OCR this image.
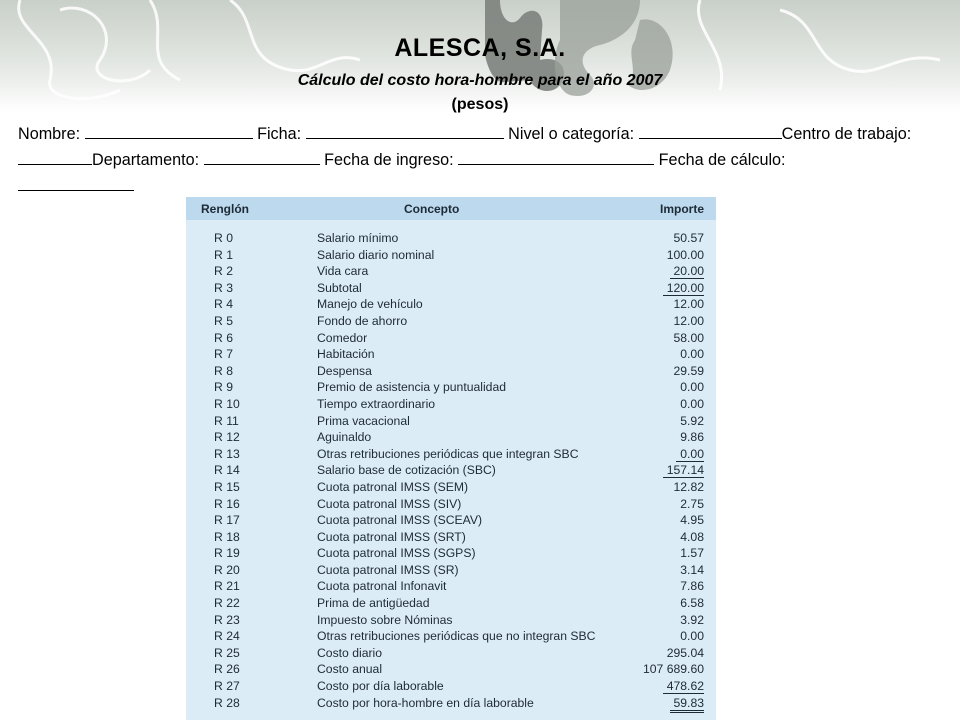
ALESCA, S.A.
Cálculo del costo hora-hombre para el año 2007
(pesos)
Nombre:	Ficha:	Nivel o categoría:	Centro de trabajo: Departamento:	Fecha de ingreso:	Fecha de cálculo:

Renglón	Concepto	Importe
R 0	Salario mínimo	50.57
R 1	Salario diario nominal	100.00
R 2	Vida cara	20.00
R 3	Subtotal	120.00
R 4	Manejo de vehículo	12.00
R 5	Fondo de ahorro	12.00
R 6	Comedor	58.00
R 7	Habitación	0.00
R 8	Despensa	29.59
R 9	Premio de asistencia y puntualidad	0.00
R 10	Tiempo extraordinario	0.00
R 11	Prima vacacional	5.92
R 12	Aguinaldo	9.86
R 13	Otras retribuciones periódicas que integran SBC	0.00
R 14	Salario base de cotización (SBC)	157.14
R 15	Cuota patronal IMSS (SEM)	12.82
R 16	Cuota patronal IMSS (SIV)	2.75
R 17	Cuota patronal IMSS (SCEAV)	4.95
R 18	Cuota patronal IMSS (SRT)	4.08
R 19	Cuota patronal IMSS (SGPS)	1.57
R 20	Cuota patronal IMSS (SR)	3.14
R 21	Cuota patronal Infonavit	7.86
R 22	Prima de antigüedad	6.58
R 23	Impuesto sobre Nóminas	3.92
R 24	Otras retribuciones periódicas que no integran SBC	0.00
R 25	Costo diario	295.04
R 26	Costo anual	107 689.60
R 27	Costo por día laborable	478.62
R 28	Costo por hora-hombre en día laborable	59.83
